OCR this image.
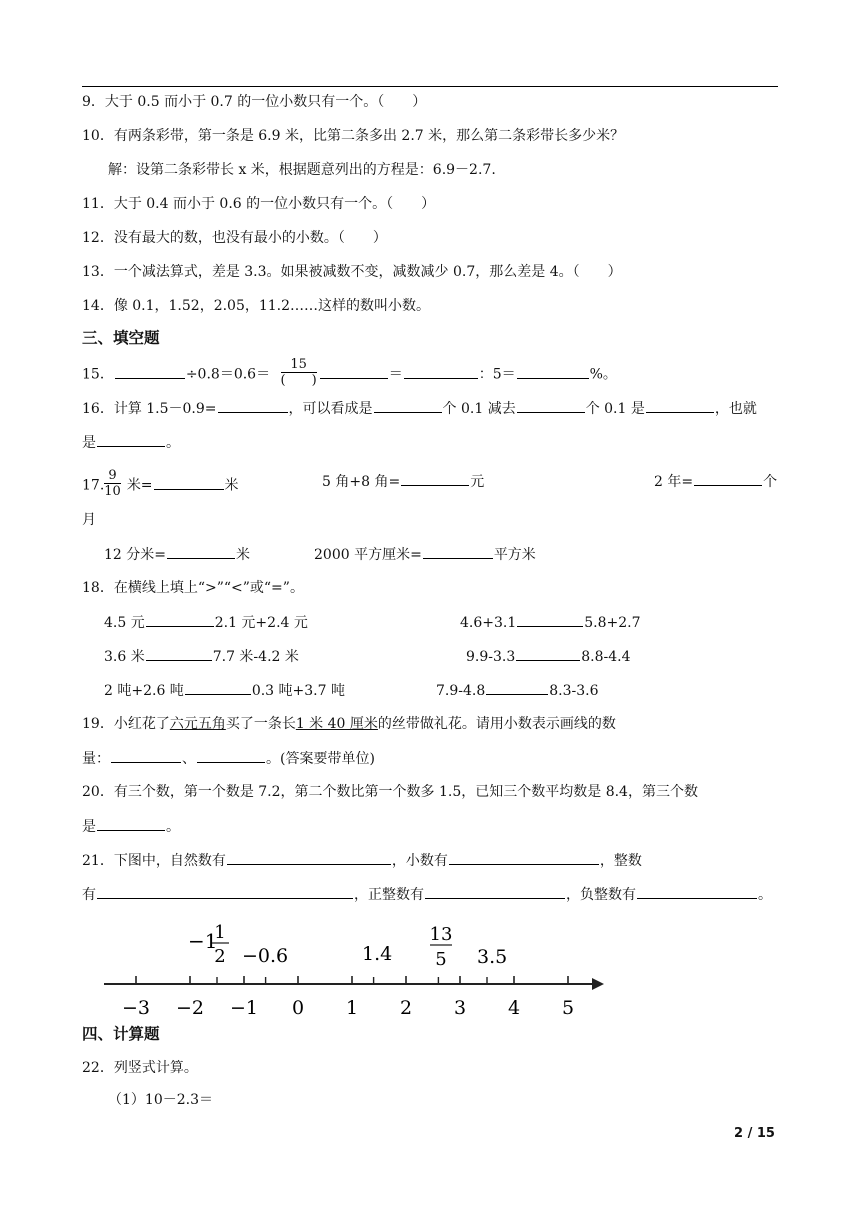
9．大于 0.5 而小于 0.7 的一位小数只有一个。（　　）
10．有两条彩带，第一条是 6.9 米，比第二条多出 2.7 米，那么第二条彩带长多少米？
解：设第二条彩带长 x 米，根据题意列出的方程是：6.9－2.7.
11．大于 0.4 而小于 0.6 的一位小数只有一个。（　　）
12．没有最大的数，也没有最小的小数。（　　）
13．一个减法算式，差是 3.3。如果被减数不变，减数减少 0.7，那么差是 4。（　　）
14．像 0.1，1.52，2.05，11.2……这样的数叫小数。
三、填空题
15．	$\div 0.8=0.6= \frac{15}{( )}$	＝	：5＝	%。
16．计算 1.5－0.9=	，可以看成是	个 0.1 减去	个 0.1 是	，也就
是	。
17. $\frac{9}{10}$ 米=	米	5 角+8 角=	元	2 年=	个
月
12 分米=	米	2000 平方厘米=	平方米
18．在横线上填上“>”“<”或“=”。
4.5 元	2.1 元+2.4 元	4.6+3.1	5.8+2.7
3.6 米	7.7 米-4.2 米	9.9-3.3	8.8-4.4
2 吨+2.6 吨	0.3 吨+3.7 吨	7.9-4.8	8.3-3.6
19．小红花了六元五角买了一条长1 米 40 厘米的丝带做礼花。请用小数表示画线的数
量：	、	。(答案要带单位)
20．有三个数，第一个数是 7.2，第二个数比第一个数多 1.5，已知三个数平均数是 8.4，第三个数
是	。
21．下图中，自然数有	，小数有	，整数
有	，正整数有	，负整数有	。
−3 −2 −1 0 1 2 3 4 5
−1
1
2 −0.6	1.4
13
5 3.5
四、计算题
22．列竖式计算。
（1）10－2.3＝
2 / 15
